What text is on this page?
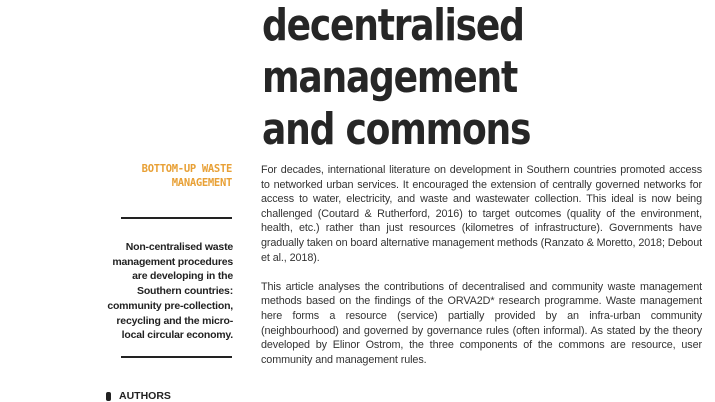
decentralised
management
and commons
BOTTOM-UP WASTE
MANAGEMENT
Non-centralised waste management procedures are developing in the Southern countries: community pre-collection, recycling and the micro-local circular economy.
AUTHORS

For decades, international literature on development in Southern countries promoted access to networked urban services. It encouraged the extension of centrally governed networks for access to water, electricity, and waste and wastewater collection. This ideal is now being challenged (Coutard & Rutherford, 2016) to target outcomes (quality of the environment, health, etc.) rather than just resources (kilometres of infrastructure). Governments have gradually taken on board alternative management methods (Ranzato & Moretto, 2018; Debout et al., 2018).

This article analyses the contributions of decentralised and community waste management methods based on the findings of the ORVA2D* research programme. Waste management here forms a resource (service) partially provided by an infra-urban community (neighbourhood) and governed by governance rules (often informal). As stated by the theory developed by Elinor Ostrom, the three components of the commons are resource, user community and management rules.
